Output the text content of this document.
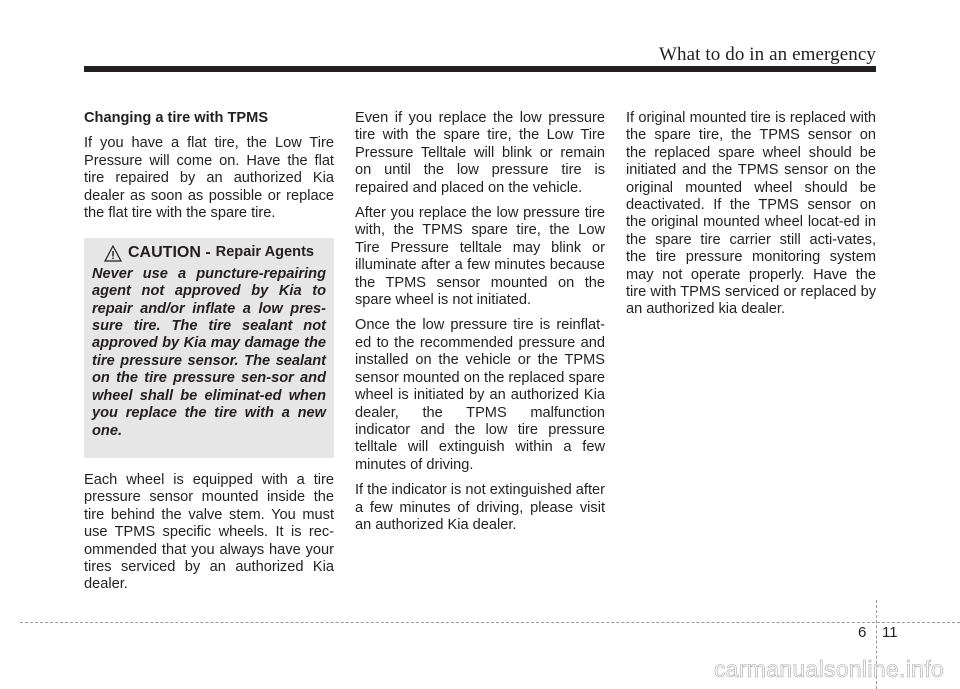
What to do in an emergency
Changing a tire with TPMS

If you have a flat tire, the Low Tire Pressure will come on. Have the flat tire repaired by an authorized Kia dealer as soon as possible or replace the flat tire with the spare tire.

CAUTION - Repair Agents

Never use a puncture-repairing agent not approved by Kia to repair and/or inflate a low pres-sure tire. The tire sealant not approved by Kia may damage the tire pressure sensor. The sealant on the tire pressure sen-sor and wheel shall be eliminat-ed when you replace the tire with a new one.

Each wheel is equipped with a tire pressure sensor mounted inside the tire behind the valve stem. You must use TPMS specific wheels. It is rec-ommended that you always have your tires serviced by an authorized Kia dealer.

Even if you replace the low pressure tire with the spare tire, the Low Tire Pressure Telltale will blink or remain on until the low pressure tire is repaired and placed on the vehicle.

After you replace the low pressure tire with, the TPMS spare tire, the Low Tire Pressure telltale may blink or illuminate after a few minutes because the TPMS sensor mounted on the spare wheel is not initiated.

Once the low pressure tire is reinflat-ed to the recommended pressure and installed on the vehicle or the TPMS sensor mounted on the replaced spare wheel is initiated by an authorized Kia dealer, the TPMS malfunction indicator and the low tire pressure telltale will extinguish within a few minutes of driving.

If the indicator is not extinguished after a few minutes of driving, please visit an authorized Kia dealer.

If original mounted tire is replaced with the spare tire, the TPMS sensor on the replaced spare wheel should be initiated and the TPMS sensor on the original mounted wheel should be deactivated. If the TPMS sensor on the original mounted wheel locat-ed in the spare tire carrier still acti-vates, the tire pressure monitoring system may not operate properly. Have the tire with TPMS serviced or replaced by an authorized kia dealer.

6 11
carmanualsonline.info
